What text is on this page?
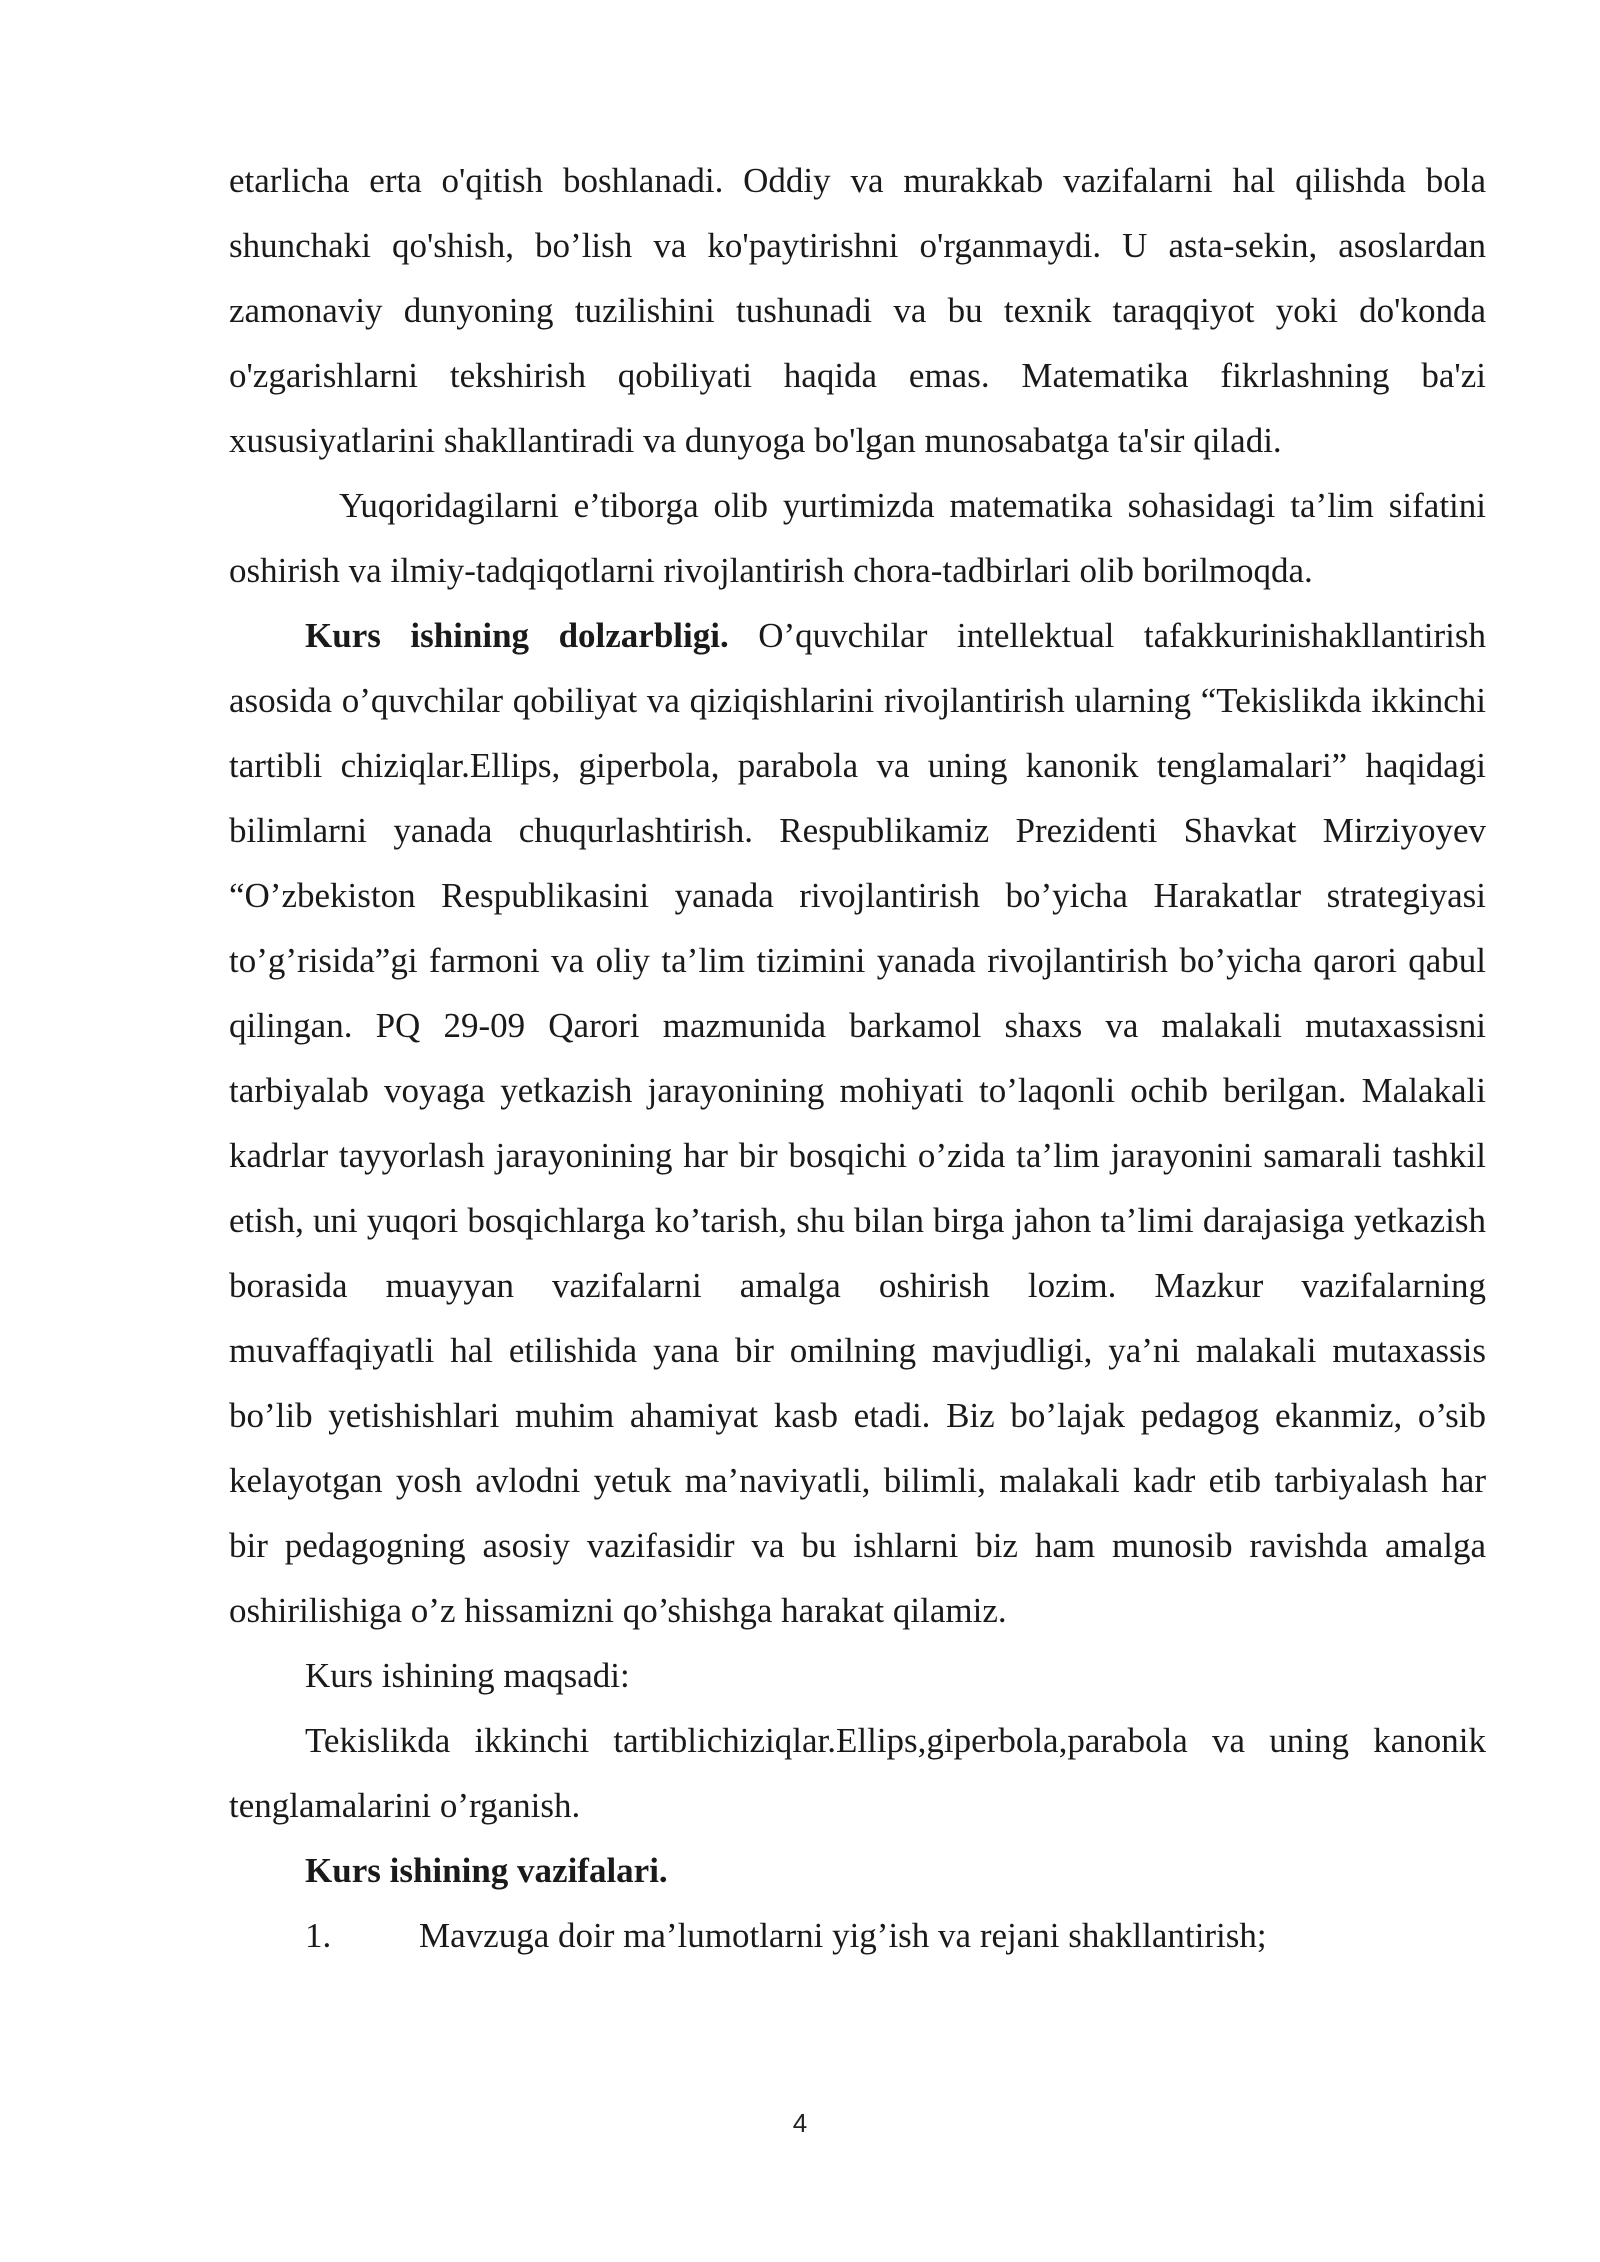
etarlicha erta o'qitish boshlanadi. Oddiy va murakkab vazifalarni hal qilishda bola shunchaki qo'shish, bo’lish va ko'paytirishni o'rganmaydi. U asta-sekin, asoslardan zamonaviy dunyoning tuzilishini tushunadi va bu texnik taraqqiyot yoki do'konda o'zgarishlarni tekshirish qobiliyati haqida emas. Matematika fikrlashning ba'zi xususiyatlarini shakllantiradi va dunyoga bo'lgan munosabatga ta'sir qiladi.

Yuqoridagilarni e’tiborga olib yurtimizda matematika sohasidagi ta’lim sifatini oshirish va ilmiy-tadqiqotlarni rivojlantirish chora-tadbirlari olib borilmoqda.

Kurs ishining dolzarbligi. O’quvchilar intellektual tafakkurinishakllantirish asosida o’quvchilar qobiliyat va qiziqishlarini rivojlantirish ularning “Tekislikda ikkinchi tartibli chiziqlar.Ellips, giperbola, parabola va uning kanonik tenglamalari” haqidagi bilimlarni yanada chuqurlashtirish. Respublikamiz Prezidenti Shavkat Mirziyoyev “O’zbekiston Respublikasini yanada rivojlantirish bo’yicha Harakatlar strategiyasi to’g’risida”gi farmoni va oliy ta’lim tizimini yanada rivojlantirish bo’yicha qarori qabul qilingan. PQ 29-09 Qarori mazmunida barkamol shaxs va malakali mutaxassisni tarbiyalab voyaga yetkazish jarayonining mohiyati to’laqonli ochib berilgan. Malakali kadrlar tayyorlash jarayonining har bir bosqichi o’zida ta’lim jarayonini samarali tashkil etish, uni yuqori bosqichlarga ko’tarish, shu bilan birga jahon ta’limi darajasiga yetkazish borasida muayyan vazifalarni amalga oshirish lozim. Mazkur vazifalarning muvaffaqiyatli hal etilishida yana bir omilning mavjudligi, ya’ni malakali mutaxassis bo’lib yetishishlari muhim ahamiyat kasb etadi. Biz bo’lajak pedagog ekanmiz, o’sib kelayotgan yosh avlodni yetuk ma’naviyatli, bilimli, malakali kadr etib tarbiyalash har bir pedagogning asosiy vazifasidir va bu ishlarni biz ham munosib ravishda amalga oshirilishiga o’z hissamizni qo’shishga harakat qilamiz.

Kurs ishining maqsadi:

Tekislikda ikkinchi tartiblichiziqlar.Ellips,giperbola,parabola va uning kanonik tenglamalarini o’rganish.

Kurs ishining vazifalari.

1.	Mavzuga doir ma’lumotlarni yig’ish va rejani shakllantirish;
4
